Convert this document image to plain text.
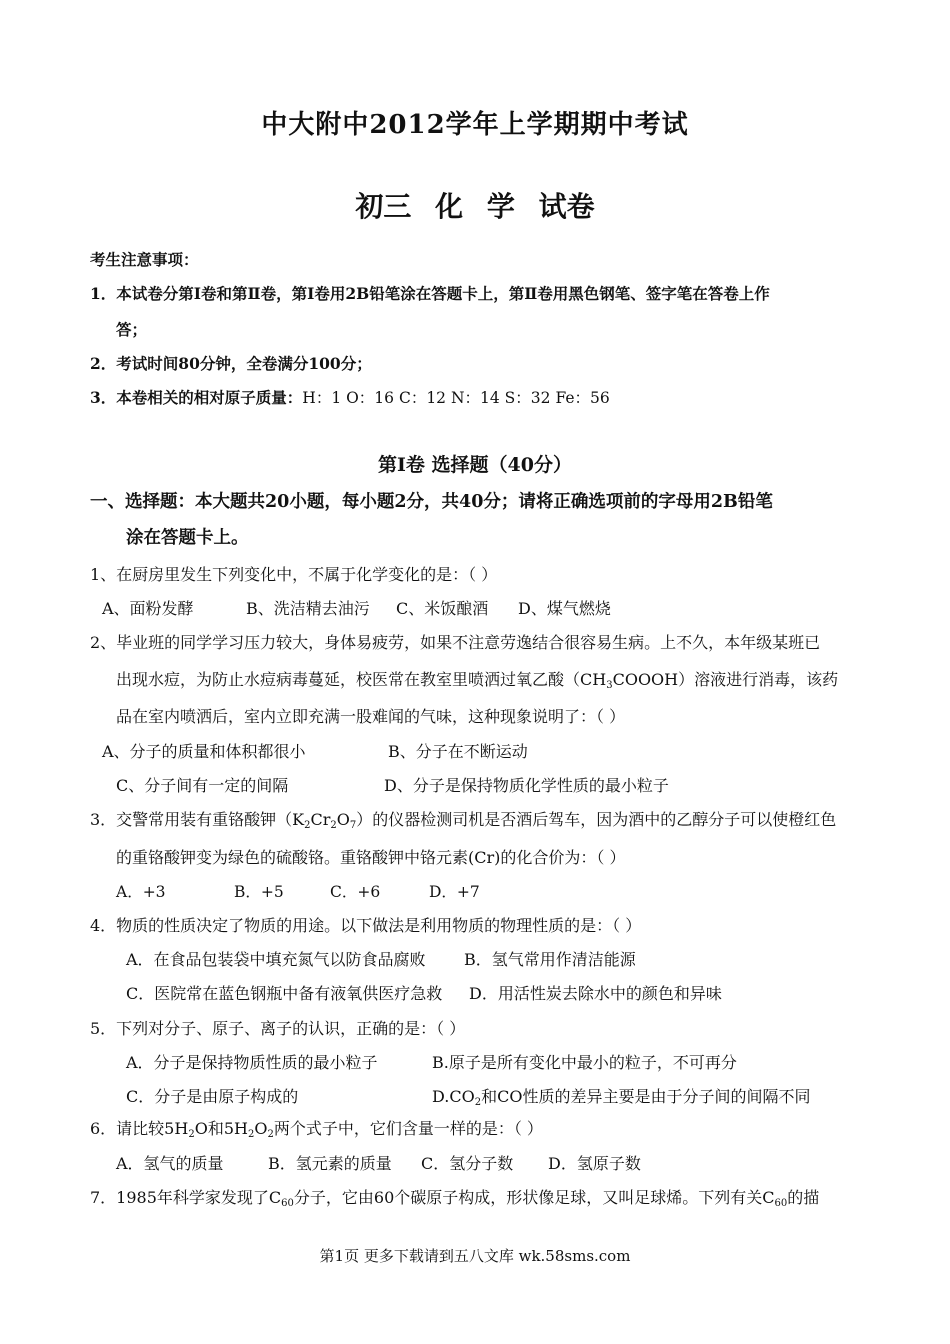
中大附中2012学年上学期期中考试
初三 化 学 试卷
考生注意事项：
1．本试卷分第Ⅰ卷和第Ⅱ卷，第Ⅰ卷用2B铅笔涂在答题卡上，第Ⅱ卷用黑色钢笔、签字笔在答卷上作
答；
2．考试时间80分钟，全卷满分100分；
3．本卷相关的相对原子质量：H：1 O：16 C：12 N：14 S：32 Fe：56
第Ⅰ卷 选择题（40分）
一、选择题：本大题共20小题，每小题2分，共40分；请将正确选项前的字母用2B铅笔
涂在答题卡上。
1、在厨房里发生下列变化中，不属于化学变化的是：（ ）
A、面粉发酵	B、洗洁精去油污 C、米饭酿酒 D、煤气燃烧
2、毕业班的同学学习压力较大，身体易疲劳，如果不注意劳逸结合很容易生病。上不久，本年级某班已
出现水痘，为防止水痘病毒蔓延，校医常在教室里喷洒过氧乙酸$(CH_3COOOH)$溶液进行消毒，该药
品在室内喷洒后，室内立即充满一股难闻的气味，这种现象说明了：（ ）
A、分子的质量和体积都很小	B、分子在不断运动
C、分子间有一定的间隔	D、分子是保持物质化学性质的最小粒子
3．交警常用装有重铬酸钾$(K_2Cr_2O_7)$的仪器检测司机是否酒后驾车，因为酒中的乙醇分子可以使橙红色
的重铬酸钾变为绿色的硫酸铬。重铬酸钾中铬元素(Cr)的化合价为：（ ）
A．+3	B．+5	C．+6	D．+7
4．物质的性质决定了物质的用途。以下做法是利用物质的物理性质的是：（ ）
A．在食品包装袋中填充氮气以防食品腐败 B．氢气常用作清洁能源
C．医院常在蓝色钢瓶中备有液氧供医疗急救 D．用活性炭去除水中的颜色和异味
5．下列对分子、原子、离子的认识，正确的是：（ ）
A．分子是保持物质性质的最小粒子	B.原子是所有变化中最小的粒子，不可再分
C．分子是由原子构成的	$D.CO_2$和CO性质的差异主要是由于分子间的间隔不同
6．请比较$5H_2O$和$5H_2O_2$两个式子中，它们含量一样的是：（ ）
A．氢气的质量	B．氢元素的质量 C．氢分子数 D．氢原子数
7．1985年科学家发现了$C_{60}$分子，它由60个碳原子构成，形状像足球，又叫足球烯。下列有关$C_{60}$的描
第1页 更多下载请到五八文库 wk.58sms.com
